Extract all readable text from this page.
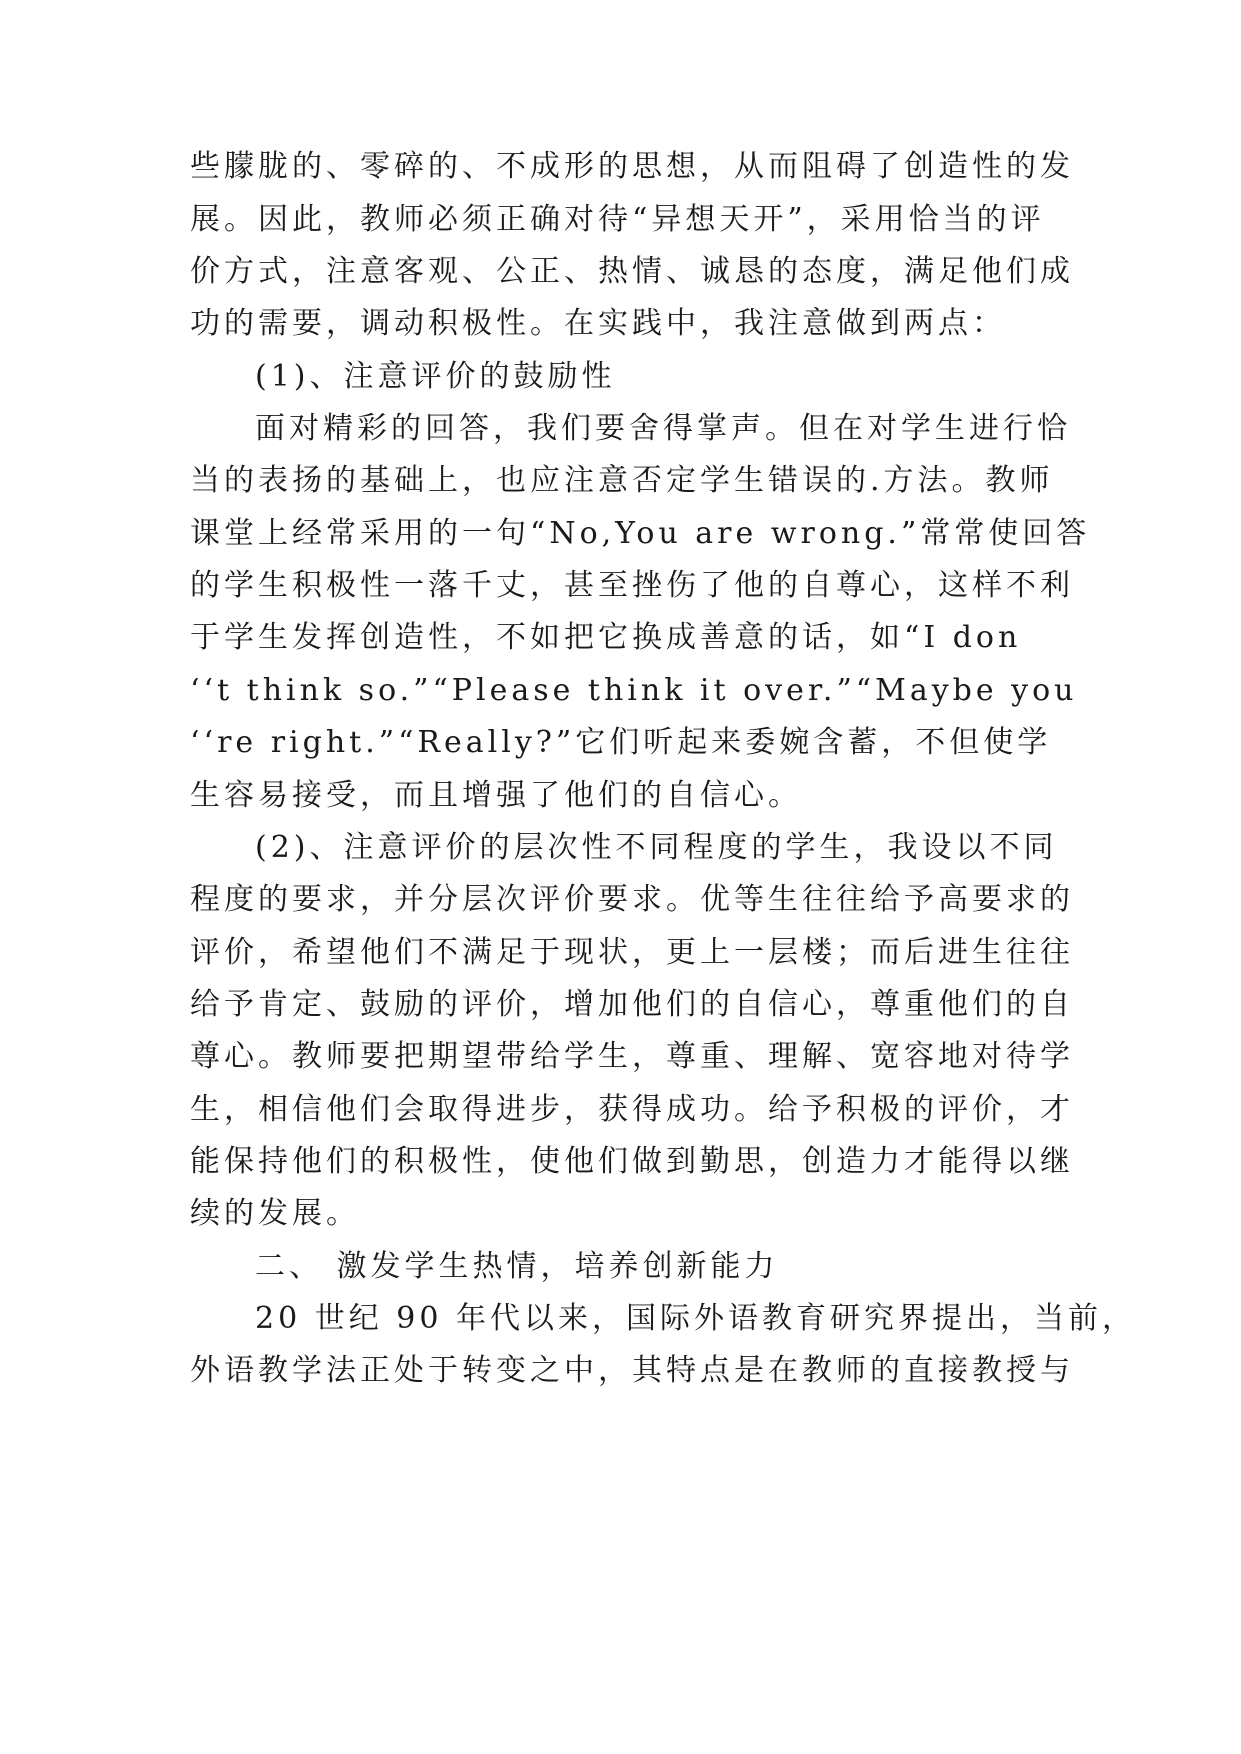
些朦胧的、零碎的、不成形的思想，从而阻碍了创造性的发
展。因此，教师必须正确对待“异想天开”，采用恰当的评
价方式，注意客观、公正、热情、诚恳的态度，满足他们成
功的需要，调动积极性。在实践中，我注意做到两点：
(1)、注意评价的鼓励性
面对精彩的回答，我们要舍得掌声。但在对学生进行恰
当的表扬的基础上，也应注意否定学生错误的.方法。教师
课堂上经常采用的一句“No,You are wrong.”常常使回答
的学生积极性一落千丈，甚至挫伤了他的自尊心，这样不利
于学生发挥创造性，不如把它换成善意的话，如“I don
‘‘t think so.”“Please think it over.”“Maybe you
‘‘re right.”“Really?”它们听起来委婉含蓄，不但使学
生容易接受，而且增强了他们的自信心。
(2)、注意评价的层次性不同程度的学生，我设以不同
程度的要求，并分层次评价要求。优等生往往给予高要求的
评价，希望他们不满足于现状，更上一层楼；而后进生往往
给予肯定、鼓励的评价，增加他们的自信心，尊重他们的自
尊心。教师要把期望带给学生，尊重、理解、宽容地对待学
生，相信他们会取得进步，获得成功。给予积极的评价，才
能保持他们的积极性，使他们做到勤思，创造力才能得以继
续的发展。
二、 激发学生热情，培养创新能力
20 世纪 90 年代以来，国际外语教育研究界提出，当前，
外语教学法正处于转变之中，其特点是在教师的直接教授与
